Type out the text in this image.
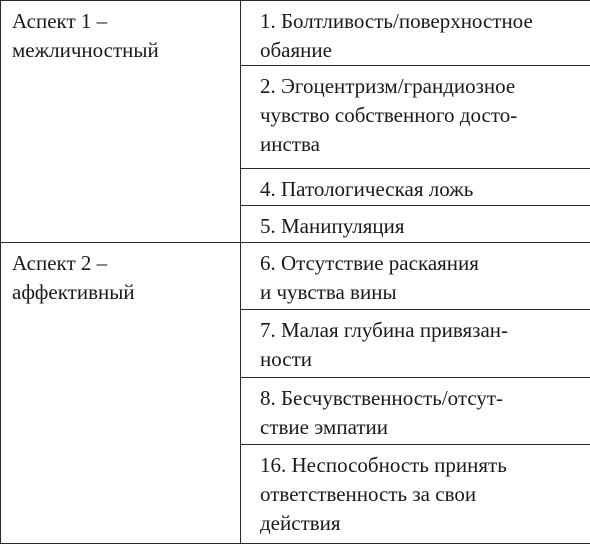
Аспект 1 –
межличностный	1. Болтливость/поверхностное
обаяние

	2. Эгоцентризм/грандиозное
чувство собственного досто-
инства

	4. Патологическая ложь

	5. Манипуляция

Аспект 2 –
аффективный	6. Отсутствие раскаяния
и чувства вины

	7. Малая глубина привязан-
ности

	8. Бесчувственность/отсут-
ствие эмпатии

	16. Неспособность принять
ответственность за свои
действия
